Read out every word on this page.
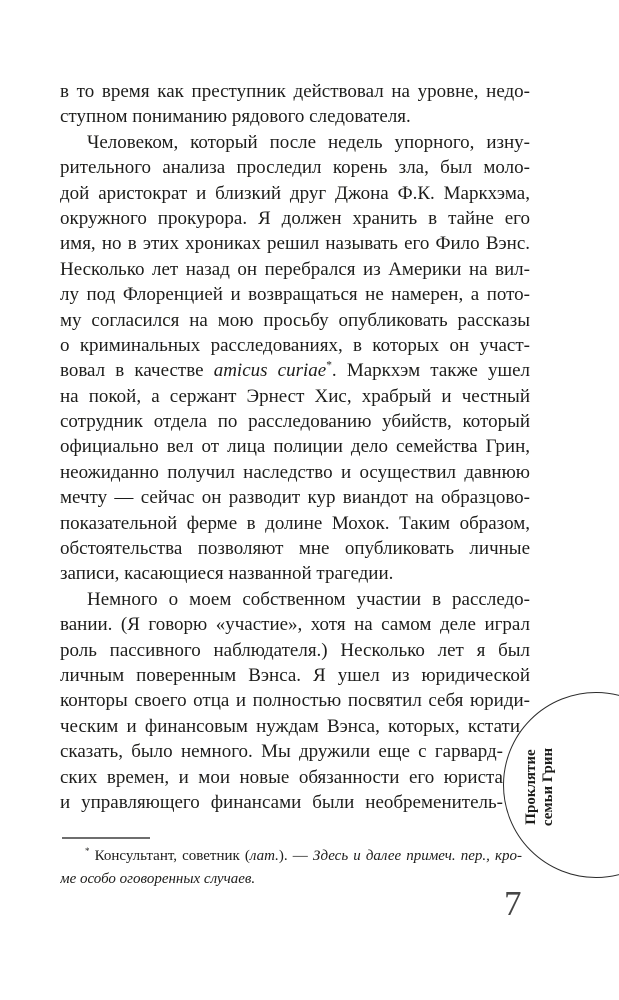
в то время как преступник действовал на уровне, недо-
ступном пониманию рядового следователя.
Человеком, который после недель упорного, изну-
рительного анализа проследил корень зла, был моло-
дой аристократ и близкий друг Джона Ф.К. Маркхэма,
окружного прокурора. Я должен хранить в тайне его
имя, но в этих хрониках решил называть его Фило Вэнс.
Несколько лет назад он перебрался из Америки на вил-
лу под Флоренцией и возвращаться не намерен, а пото-
му согласился на мою просьбу опубликовать рассказы
о криминальных расследованиях, в которых он участ-
вовал в качестве amicus curiae*. Маркхэм также ушел
на покой, а сержант Эрнест Хис, храбрый и честный
сотрудник отдела по расследованию убийств, который
официально вел от лица полиции дело семейства Грин,
неожиданно получил наследство и осуществил давнюю
мечту — сейчас он разводит кур виандот на образцово-
показательной ферме в долине Мохок. Таким образом,
обстоятельства позволяют мне опубликовать личные
записи, касающиеся названной трагедии.
Немного о моем собственном участии в расследо-
вании. (Я говорю «участие», хотя на самом деле играл
роль пассивного наблюдателя.) Несколько лет я был
личным поверенным Вэнса. Я ушел из юридической
конторы своего отца и полностью посвятил себя юриди-
ческим и финансовым нуждам Вэнса, которых, кстати
сказать, было немного. Мы дружили еще с гарвард-
ских времен, и мои новые обязанности его юриста
и управляющего финансами были необременитель-
* Консультант, советник (лат.). — Здесь и далее примеч. пер., кро-
ме особо оговоренных случаев.
Проклятие семьи Грин
7
